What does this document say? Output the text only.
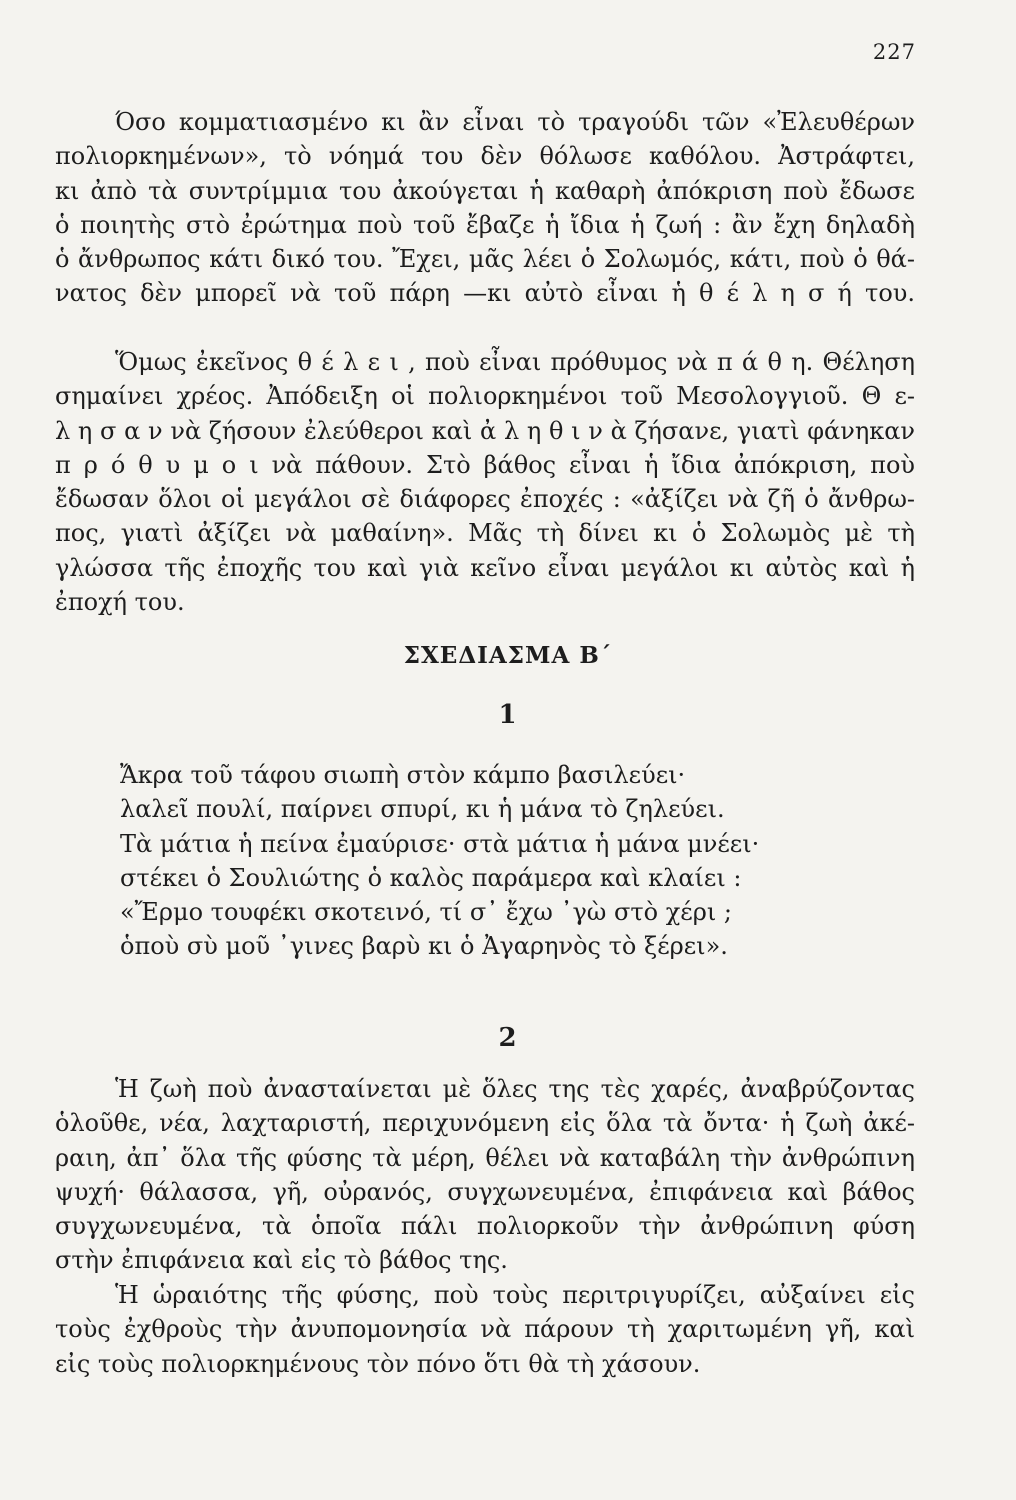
227
Όσο κομματιασμένο κι ἂν εἶναι τὸ τραγούδι τῶν «Ἐλευθέρων
πολιορκημένων», τὸ νόημά του δὲν θόλωσε καθόλου. Ἀστράφτει,
κι ἀπὸ τὰ συντρίμμια του ἀκούγεται ἡ καθαρὴ ἀπόκριση ποὺ ἔδωσε
ὁ ποιητὴς στὸ ἐρώτημα ποὺ τοῦ ἔβαζε ἡ ἴδια ἡ ζωή : ἂν ἔχη δηλαδὴ
ὁ ἄνθρωπος κάτι δικό του. Ἔχει, μᾶς λέει ὁ Σολωμός, κάτι, ποὺ ὁ θά-
νατος δὲν μπορεῖ νὰ τοῦ πάρη —κι αὐτὸ εἶναι ἡ θ έ λ η σ ή του.
Ὅμως ἐκεῖνος θ έ λ ε ι , ποὺ εἶναι πρόθυμος νὰ π ά θ η. Θέληση
σημαίνει χρέος. Ἀπόδειξη οἱ πολιορκημένοι τοῦ Μεσολογγιοῦ. Θ ε-
λ η σ α ν νὰ ζήσουν ἐλεύθεροι καὶ ἀ λ η θ ι ν ὰ ζήσανε, γιατὶ φάνηκαν
π ρ ό θ υ μ ο ι νὰ πάθουν. Στὸ βάθος εἶναι ἡ ἴδια ἀπόκριση, ποὺ
ἔδωσαν ὅλοι οἱ μεγάλοι σὲ διάφορες ἐποχές : «ἀξίζει νὰ ζῆ ὁ ἄνθρω-
πος, γιατὶ ἀξίζει νὰ μαθαίνη». Μᾶς τὴ δίνει κι ὁ Σολωμὸς μὲ τὴ
γλώσσα τῆς ἐποχῆς του καὶ γιὰ κεῖνο εἶναι μεγάλοι κι αὐτὸς καὶ ἡ
ἐποχή του.
ΣΧΕΔΙΑΣΜΑ Β΄
1
Ἄκρα τοῦ τάφου σιωπὴ στὸν κάμπο βασιλεύει·
λαλεῖ πουλί, παίρνει σπυρί, κι ἡ μάνα τὸ ζηλεύει.
Τὰ μάτια ἡ πείνα ἐμαύρισε· στὰ μάτια ἡ μάνα μνέει·
στέκει ὁ Σουλιώτης ὁ καλὸς παράμερα καὶ κλαίει :
«Ἔρμο τουφέκι σκοτεινό, τί σ᾽ ἔχω ᾽γὼ στὸ χέρι ;
ὁποὺ σὺ μοῦ ᾽γινες βαρὺ κι ὁ Ἀγαρηνὸς τὸ ξέρει».
2
Ἡ ζωὴ ποὺ ἀνασταίνεται μὲ ὅλες της τὲς χαρές, ἀναβρύζοντας
ὁλοῦθε, νέα, λαχταριστή, περιχυνόμενη εἰς ὅλα τὰ ὄντα· ἡ ζωὴ ἀκέ-
ραιη, ἀπ᾽ ὅλα τῆς φύσης τὰ μέρη, θέλει νὰ καταβάλη τὴν ἀνθρώπινη
ψυχή· θάλασσα, γῆ, οὐρανός, συγχωνευμένα, ἐπιφάνεια καὶ βάθος
συγχωνευμένα, τὰ ὁποῖα πάλι πολιορκοῦν τὴν ἀνθρώπινη φύση
στὴν ἐπιφάνεια καὶ εἰς τὸ βάθος της.
Ἡ ὡραιότης τῆς φύσης, ποὺ τοὺς περιτριγυρίζει, αὐξαίνει εἰς
τοὺς ἐχθροὺς τὴν ἀνυπομονησία νὰ πάρουν τὴ χαριτωμένη γῆ, καὶ
εἰς τοὺς πολιορκημένους τὸν πόνο ὅτι θὰ τὴ χάσουν.
